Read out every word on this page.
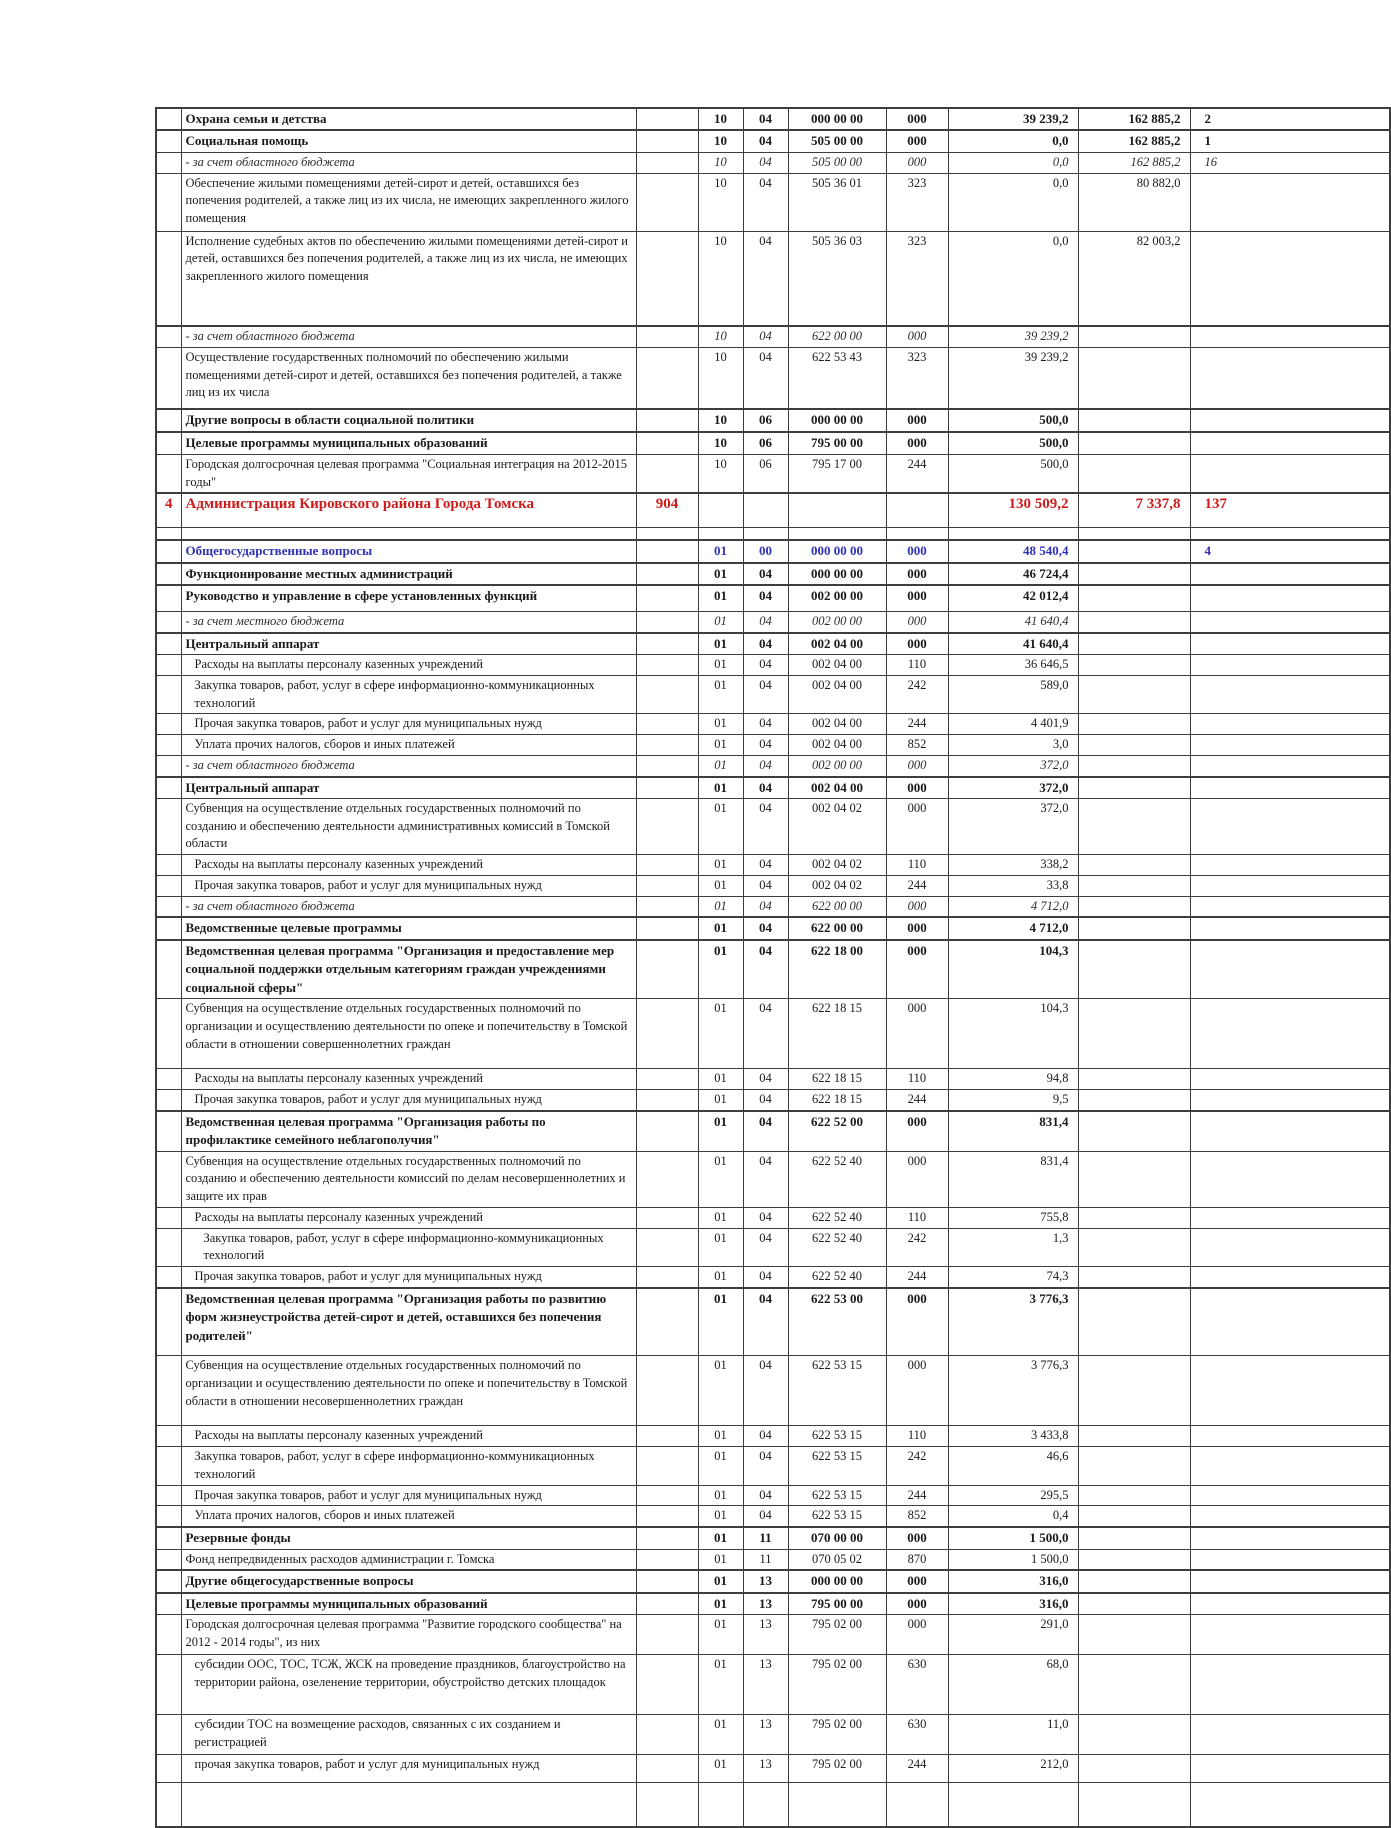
	Охрана семьи и детства		10	04	000 00 00	000	39 239,2	162 885,2	2
	Социальная помощь		10	04	505 00 00	000	0,0	162 885,2	1
	- за счет областного бюджета		10	04	505 00 00	000	0,0	162 885,2	16
	Обеспечение жилыми помещениями детей-сирот и детей, оставшихся без попечения родителей, а также лиц из их числа, не имеющих закрепленного жилого помещения		10	04	505 36 01	323	0,0	80 882,0	
	Исполнение судебных актов по обеспечению жилыми помещениями детей-сирот и детей, оставшихся без попечения родителей, а также лиц из их числа, не имеющих закрепленного жилого помещения		10	04	505 36 03	323	0,0	82 003,2	
	- за счет областного бюджета		10	04	622 00 00	000	39 239,2		
	Осуществление государственных полномочий по обеспечению жилыми помещениями детей-сирот и детей, оставшихся без попечения родителей, а также лиц из их числа		10	04	622 53 43	323	39 239,2		
	Другие вопросы в области социальной политики		10	06	000 00 00	000	500,0		
	Целевые программы муниципальных образований		10	06	795 00 00	000	500,0		
	Городская долгосрочная целевая программа "Социальная интеграция на 2012-2015 годы"		10	06	795 17 00	244	500,0		
4	Администрация Кировского района Города Томска	904					130 509,2	7 337,8	137

	Общегосударственные вопросы		01	00	000 00 00	000	48 540,4		4
	Функционирование местных администраций		01	04	000 00 00	000	46 724,4		
	Руководство и управление в сфере установленных функций		01	04	002 00 00	000	42 012,4		
	- за счет местного бюджета		01	04	002 00 00	000	41 640,4		
	Центральный аппарат		01	04	002 04 00	000	41 640,4		
	Расходы на выплаты персоналу казенных учреждений		01	04	002 04 00	110	36 646,5		
	Закупка товаров, работ, услуг в сфере информационно-коммуникационных технологий		01	04	002 04 00	242	589,0		
	Прочая закупка товаров, работ и услуг для муниципальных нужд		01	04	002 04 00	244	4 401,9		
	Уплата прочих налогов, сборов и иных платежей		01	04	002 04 00	852	3,0		
	- за счет областного бюджета		01	04	002 00 00	000	372,0		
	Центральный аппарат		01	04	002 04 00	000	372,0		
	Субвенция на осуществление отдельных государственных полномочий по созданию и обеспечению деятельности административных комиссий в Томской области		01	04	002 04 02	000	372,0		
	Расходы на выплаты персоналу казенных учреждений		01	04	002 04 02	110	338,2		
	Прочая закупка товаров, работ и услуг для муниципальных нужд		01	04	002 04 02	244	33,8		
	- за счет областного бюджета		01	04	622 00 00	000	4 712,0		
	Ведомственные целевые программы		01	04	622 00 00	000	4 712,0		
	Ведомственная целевая программа "Организация и предоставление мер социальной поддержки отдельным категориям граждан учреждениями социальной сферы"		01	04	622 18 00	000	104,3		
	Субвенция на осуществление отдельных государственных полномочий по организации и осуществлению деятельности по опеке и попечительству в Томской области в отношении совершеннолетних граждан		01	04	622 18 15	000	104,3		
	Расходы на выплаты персоналу казенных учреждений		01	04	622 18 15	110	94,8		
	Прочая закупка товаров, работ и услуг для муниципальных нужд		01	04	622 18 15	244	9,5		
	Ведомственная целевая программа "Организация работы по профилактике семейного неблагополучия"		01	04	622 52 00	000	831,4		
	Субвенция на осуществление отдельных государственных полномочий по созданию и обеспечению деятельности комиссий по делам несовершеннолетних и защите их прав		01	04	622 52 40	000	831,4		
	Расходы на выплаты персоналу казенных учреждений		01	04	622 52 40	110	755,8		
	Закупка товаров, работ, услуг в сфере информационно-коммуникационных технологий		01	04	622 52 40	242	1,3		
	Прочая закупка товаров, работ и услуг для муниципальных нужд		01	04	622 52 40	244	74,3		
	Ведомственная целевая программа "Организация работы по развитию форм жизнеустройства детей-сирот и детей, оставшихся без попечения родителей"		01	04	622 53 00	000	3 776,3		
	Субвенция на осуществление отдельных государственных полномочий по организации и осуществлению деятельности по опеке и попечительству в Томской области в отношении несовершеннолетних граждан		01	04	622 53 15	000	3 776,3		
	Расходы на выплаты персоналу казенных учреждений		01	04	622 53 15	110	3 433,8		
	Закупка товаров, работ, услуг в сфере информационно-коммуникационных технологий		01	04	622 53 15	242	46,6		
	Прочая закупка товаров, работ и услуг для муниципальных нужд		01	04	622 53 15	244	295,5		
	Уплата прочих налогов, сборов и иных платежей		01	04	622 53 15	852	0,4		
	Резервные фонды		01	11	070 00 00	000	1 500,0		
	Фонд непредвиденных расходов администрации г. Томска		01	11	070 05 02	870	1 500,0		
	Другие общегосударственные вопросы		01	13	000 00 00	000	316,0		
	Целевые программы муниципальных образований		01	13	795 00 00	000	316,0		
	Городская долгосрочная целевая программа "Развитие городского сообщества" на 2012 - 2014 годы", из них		01	13	795 02 00	000	291,0		
	субсидии ООС, ТОС, ТСЖ, ЖСК на проведение праздников, благоустройство на территории района, озеленение территории, обустройство детских площадок		01	13	795 02 00	630	68,0		
	субсидии ТОС на возмещение расходов, связанных с их созданием и регистрацией		01	13	795 02 00	630	11,0		
	прочая закупка товаров, работ и услуг для муниципальных нужд		01	13	795 02 00	244	212,0		
